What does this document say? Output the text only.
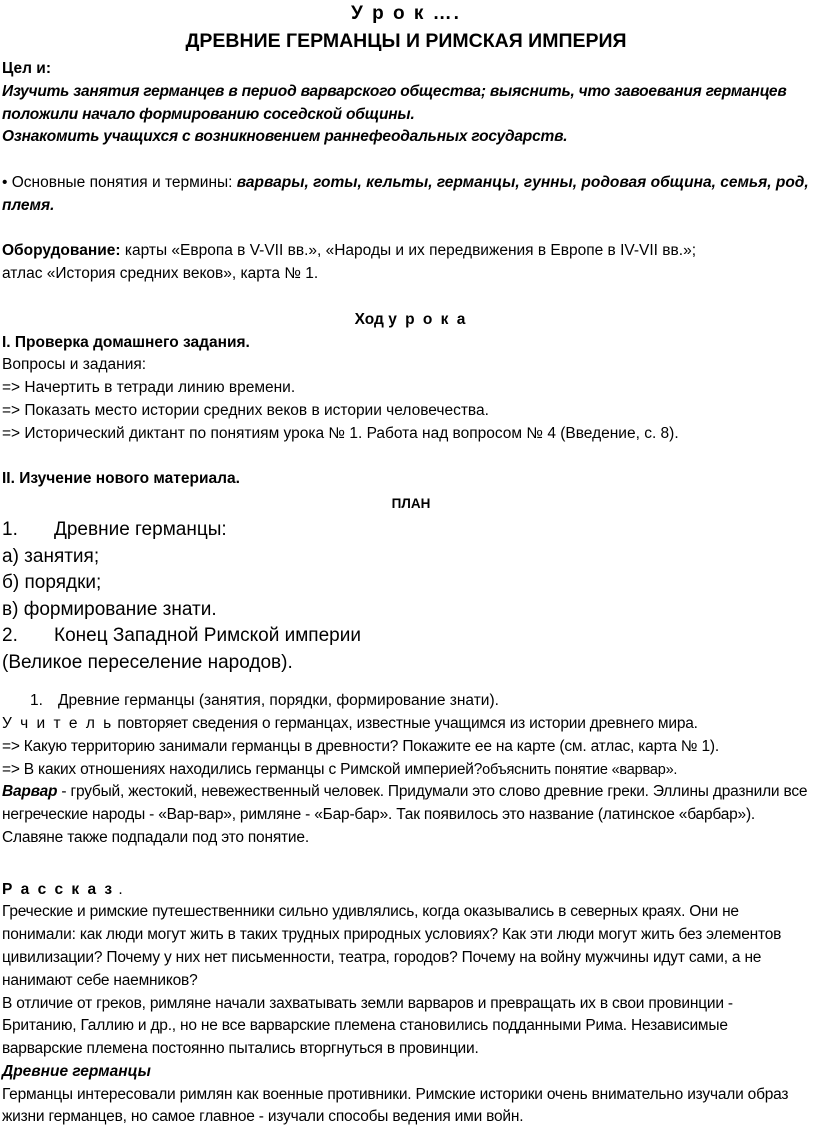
У р о к ….
ДРЕВНИЕ ГЕРМАНЦЫ И РИМСКАЯ ИМПЕРИЯ

Цел и:

Изучить занятия германцев в период варварского общества; выяснить, что завоевания германцев положили начало формированию соседской общины.

Ознакомить учащихся с возникновением раннефеодальных государств.

• Основные понятия и термины: варвары, готы, кельты, германцы, гунны, родовая община, семья, род, племя.

Оборудование: карты «Европа в V-VII вв.», «Народы и их передвижения в Европе в IV-VII вв.»;

атлас «История средних веков», карта № 1.

Ход у р о к а

I. Проверка домашнего задания.

Вопросы и задания:

=> Начертить в тетради линию времени.

=> Показать место истории средних веков в истории человечества.

=> Исторический диктант по понятиям урока № 1. Работа над вопросом № 4 (Введение, с. 8).

II. Изучение нового материала.

ПЛАН

1. Древние германцы:

а) занятия;

б) порядки;

в) формирование знати.

2. Конец Западной Римской империи

(Великое переселение народов).

1. Древние германцы (занятия, порядки, формирование знати).

У ч и т е л ь повторяет сведения о германцах, известные учащимся из истории древнего мира.

=> Какую территорию занимали германцы в древности? Покажите ее на карте (см. атлас, карта № 1).

=> В каких отношениях находились германцы с Римской империей?объяснить понятие «варвар».

Варвар - грубый, жестокий, невежественный человек. Придумали это слово древние греки. Эллины дразнили все негреческие народы - «Вар-вар», римляне - «Бар-бар». Так появилось это название (латинское «барбар»). Славяне также подпадали под это понятие.

Р а с с к а з .

Греческие и римские путешественники сильно удивлялись, когда оказывались в северных краях. Они не понимали: как люди могут жить в таких трудных природных условиях? Как эти люди могут жить без элементов цивилизации? Почему у них нет письменности, театра, городов? Почему на войну мужчины идут сами, а не нанимают себе наемников?

В отличие от греков, римляне начали захватывать земли варваров и превращать их в свои провинции - Британию, Галлию и др., но не все варварские племена становились подданными Рима. Независимые варварские племена постоянно пытались вторгнуться в провинции.

Древние германцы

Германцы интересовали римлян как военные противники. Римские историки очень внимательно изучали образ жизни германцев, но самое главное - изучали способы ведения ими войн.
